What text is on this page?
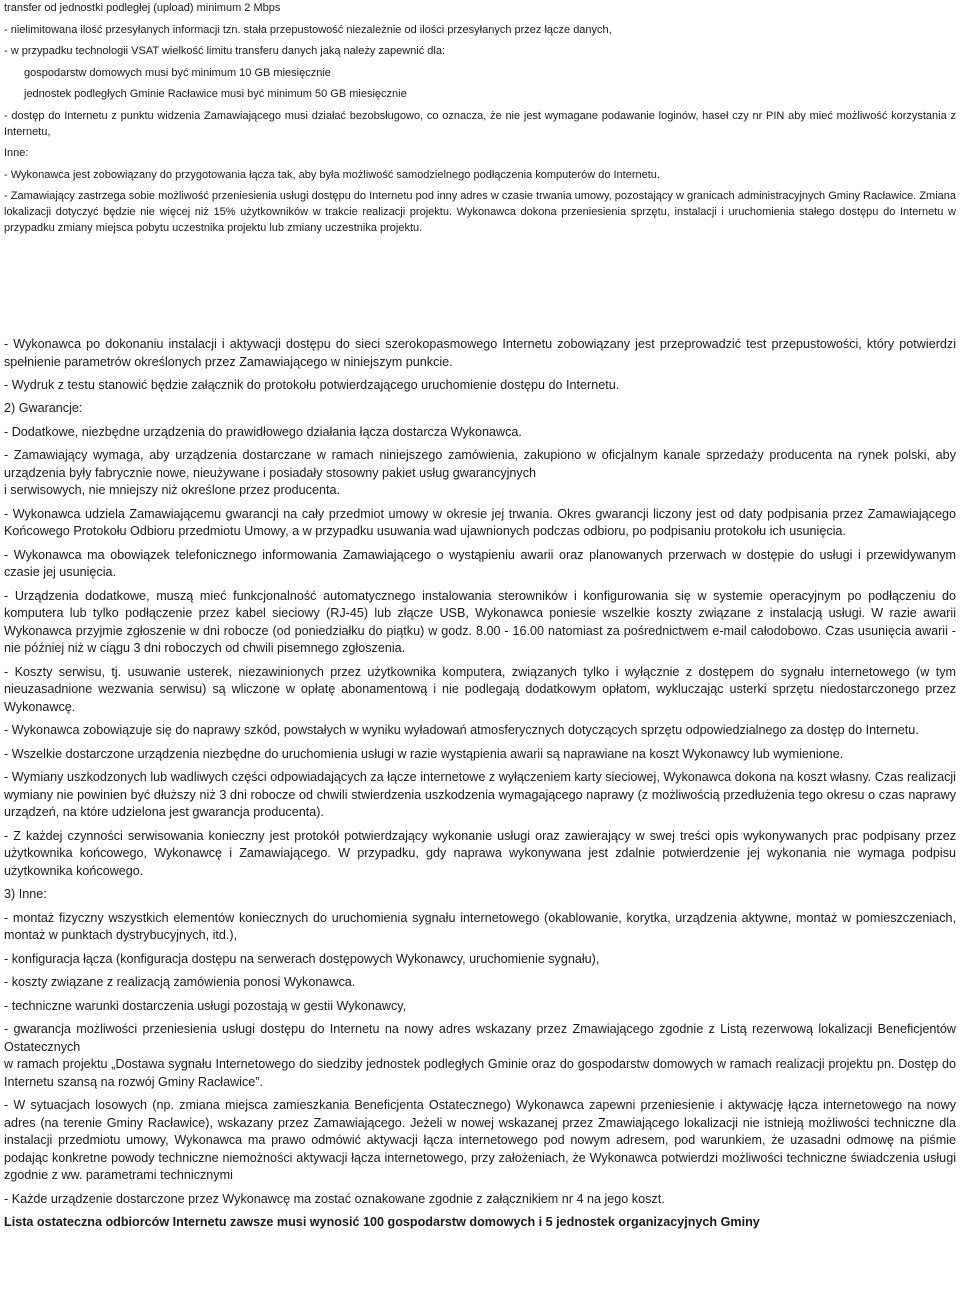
transfer od jednostki podległej (upload) minimum 2 Mbps

- nielimitowana ilość przesyłanych informacji tzn. stała przepustowość niezależnie od ilości przesyłanych przez łącze danych,

- w przypadku technologii VSAT wielkość limitu transferu danych jaką należy zapewnić dla:

gospodarstw domowych musi być minimum 10 GB miesięcznie

jednostek podległych Gminie Racławice musi być minimum 50 GB miesięcznie

- dostęp do Internetu z punktu widzenia Zamawiającego musi działać bezobsługowo, co oznacza, że nie jest wymagane podawanie loginów, haseł czy nr PIN aby mieć możliwość korzystania z Internetu,

Inne:

- Wykonawca jest zobowiązany do przygotowania łącza tak, aby była możliwość samodzielnego podłączenia komputerów do Internetu.

- Zamawiający zastrzega sobie możliwość przeniesienia usługi dostępu do Internetu pod inny adres w czasie trwania umowy, pozostający w granicach administracyjnych Gminy Racławice. Zmiana lokalizacji dotyczyć będzie nie więcej niż 15% użytkowników w trakcie realizacji projektu. Wykonawca dokona przeniesienia sprzętu, instalacji i uruchomienia stałego dostępu do Internetu w przypadku zmiany miejsca pobytu uczestnika projektu lub zmiany uczestnika projektu.

- Wykonawca po dokonaniu instalacji i aktywacji dostępu do sieci szerokopasmowego Internetu zobowiązany jest przeprowadzić test przepustowości, który potwierdzi spełnienie parametrów określonych przez Zamawiającego w niniejszym punkcie.

- Wydruk z testu stanowić będzie załącznik do protokołu potwierdzającego uruchomienie dostępu do Internetu.

2) Gwarancje:

- Dodatkowe, niezbędne urządzenia do prawidłowego działania łącza dostarcza Wykonawca.

- Zamawiający wymaga, aby urządzenia dostarczane w ramach niniejszego zamówienia, zakupiono w oficjalnym kanale sprzedaży producenta na rynek polski, aby urządzenia były fabrycznie nowe, nieużywane i posiadały stosowny pakiet usług gwarancyjnych

i serwisowych, nie mniejszy niż określone przez producenta.

- Wykonawca udziela Zamawiającemu gwarancji na cały przedmiot umowy w okresie jej trwania. Okres gwarancji liczony jest od daty podpisania przez Zamawiającego Końcowego Protokołu Odbioru przedmiotu Umowy, a w przypadku usuwania wad ujawnionych podczas odbioru, po podpisaniu protokołu ich usunięcia.

- Wykonawca ma obowiązek telefonicznego informowania Zamawiającego o wystąpieniu awarii oraz planowanych przerwach w dostępie do usługi i przewidywanym czasie jej usunięcia.

- Urządzenia dodatkowe, muszą mieć funkcjonalność automatycznego instalowania sterowników i konfigurowania się w systemie operacyjnym po podłączeniu do komputera lub tylko podłączenie przez kabel sieciowy (RJ-45) lub złącze USB, Wykonawca poniesie wszelkie koszty związane z instalacją usługi. W razie awarii Wykonawca przyjmie zgłoszenie w dni robocze (od poniedziałku do piątku) w godz. 8.00 - 16.00 natomiast za pośrednictwem e-mail całodobowo. Czas usunięcia awarii - nie później niż w ciągu 3 dni roboczych od chwili pisemnego zgłoszenia.

- Koszty serwisu, tj. usuwanie usterek, niezawinionych przez użytkownika komputera, związanych tylko i wyłącznie z dostępem do sygnału internetowego (w tym nieuzasadnione wezwania serwisu) są wliczone w opłatę abonamentową i nie podlegają dodatkowym opłatom, wykluczając usterki sprzętu niedostarczonego przez Wykonawcę.

- Wykonawca zobowiązuje się do naprawy szkód, powstałych w wyniku wyładowań atmosferycznych dotyczących sprzętu odpowiedzialnego za dostęp do Internetu.

- Wszelkie dostarczone urządzenia niezbędne do uruchomienia usługi w razie wystąpienia awarii są naprawiane na koszt Wykonawcy lub wymienione.

- Wymiany uszkodzonych lub wadliwych części odpowiadających za łącze internetowe z wyłączeniem karty sieciowej, Wykonawca dokona na koszt własny. Czas realizacji wymiany nie powinien być dłuższy niż 3 dni robocze od chwili stwierdzenia uszkodzenia wymagającego naprawy (z możliwością przedłużenia tego okresu o czas naprawy urządzeń, na które udzielona jest gwarancja producenta).

- Z każdej czynności serwisowania konieczny jest protokół potwierdzający wykonanie usługi oraz zawierający w swej treści opis wykonywanych prac podpisany przez użytkownika końcowego, Wykonawcę i Zamawiającego. W przypadku, gdy naprawa wykonywana jest zdalnie potwierdzenie jej wykonania nie wymaga podpisu użytkownika końcowego.

3) Inne:

- montaż fizyczny wszystkich elementów koniecznych do uruchomienia sygnału internetowego (okablowanie, korytka, urządzenia aktywne, montaż w pomieszczeniach, montaż w punktach dystrybucyjnych, itd.),

- konfiguracja łącza (konfiguracja dostępu na serwerach dostępowych Wykonawcy, uruchomienie sygnału),

- koszty związane z realizacją zamówienia ponosi Wykonawca.

- techniczne warunki dostarczenia usługi pozostają w gestii Wykonawcy,

- gwarancja możliwości przeniesienia usługi dostępu do Internetu na nowy adres wskazany przez Zmawiającego zgodnie z Listą rezerwową lokalizacji Beneficjentów Ostatecznych

w ramach projektu „Dostawa sygnału Internetowego do siedziby jednostek podległych Gminie oraz do gospodarstw domowych w ramach realizacji projektu pn. Dostęp do Internetu szansą na rozwój Gminy Racławice”.

- W sytuacjach losowych (np. zmiana miejsca zamieszkania Beneficjenta Ostatecznego) Wykonawca zapewni przeniesienie i aktywację łącza internetowego na nowy adres (na terenie Gminy Racławice), wskazany przez Zamawiającego. Jeżeli w nowej wskazanej przez Zmawiającego lokalizacji nie istnieją możliwości techniczne dla instalacji przedmiotu umowy, Wykonawca ma prawo odmówić aktywacji łącza internetowego pod nowym adresem, pod warunkiem, że uzasadni odmowę na piśmie podając konkretne powody techniczne niemożności aktywacji łącza internetowego, przy założeniach, że Wykonawca potwierdzi możliwości techniczne świadczenia usługi zgodnie z ww. parametrami technicznymi

- Każde urządzenie dostarczone przez Wykonawcę ma zostać oznakowane zgodnie z załącznikiem nr 4 na jego koszt.

Lista ostateczna odbiorców Internetu zawsze musi wynosić 100 gospodarstw domowych i 5 jednostek organizacyjnych Gminy
